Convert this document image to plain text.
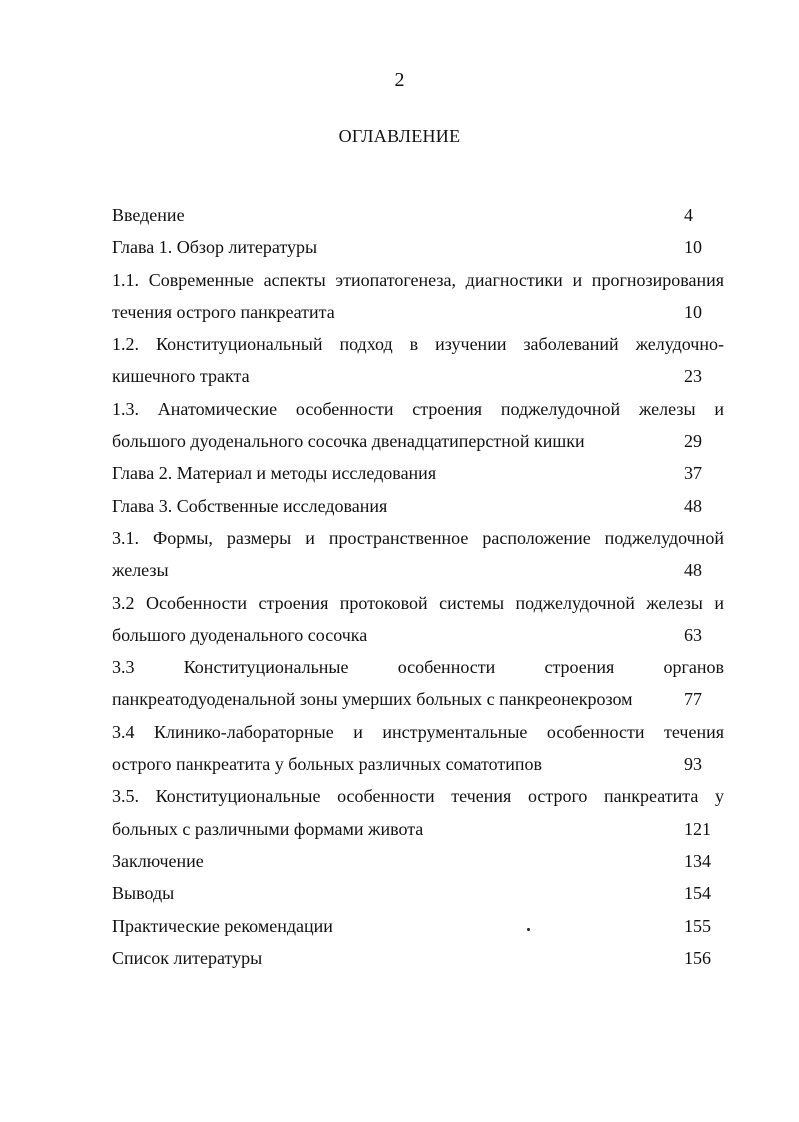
2
ОГЛАВЛЕНИЕ
Введение	4
Глава 1. Обзор литературы	10
1.1. Современные аспекты этиопатогенеза, диагностики и прогнозирования
течения острого панкреатита	10
1.2. Конституциональный подход в изучении заболеваний желудочно-
кишечного тракта	23
1.3. Анатомические особенности строения поджелудочной железы и
большого дуоденального сосочка двенадцатиперстной кишки	29
Глава 2. Материал и методы исследования	37
Глава 3. Собственные исследования	48
3.1. Формы, размеры и пространственное расположение поджелудочной
железы	48
3.2 Особенности строения протоковой системы поджелудочной железы и
большого дуоденального сосочка	63
3.3 Конституциональные особенности строения органов
панкреатодуоденальной зоны умерших больных с панкреонекрозом	77
3.4 Клинико-лабораторные и инструментальные особенности течения
острого панкреатита у больных различных соматотипов	93
3.5. Конституциональные особенности течения острого панкреатита у
больных с различными формами живота	121
Заключение	134
Выводы	154
Практические рекомендации	155
Список литературы	156
